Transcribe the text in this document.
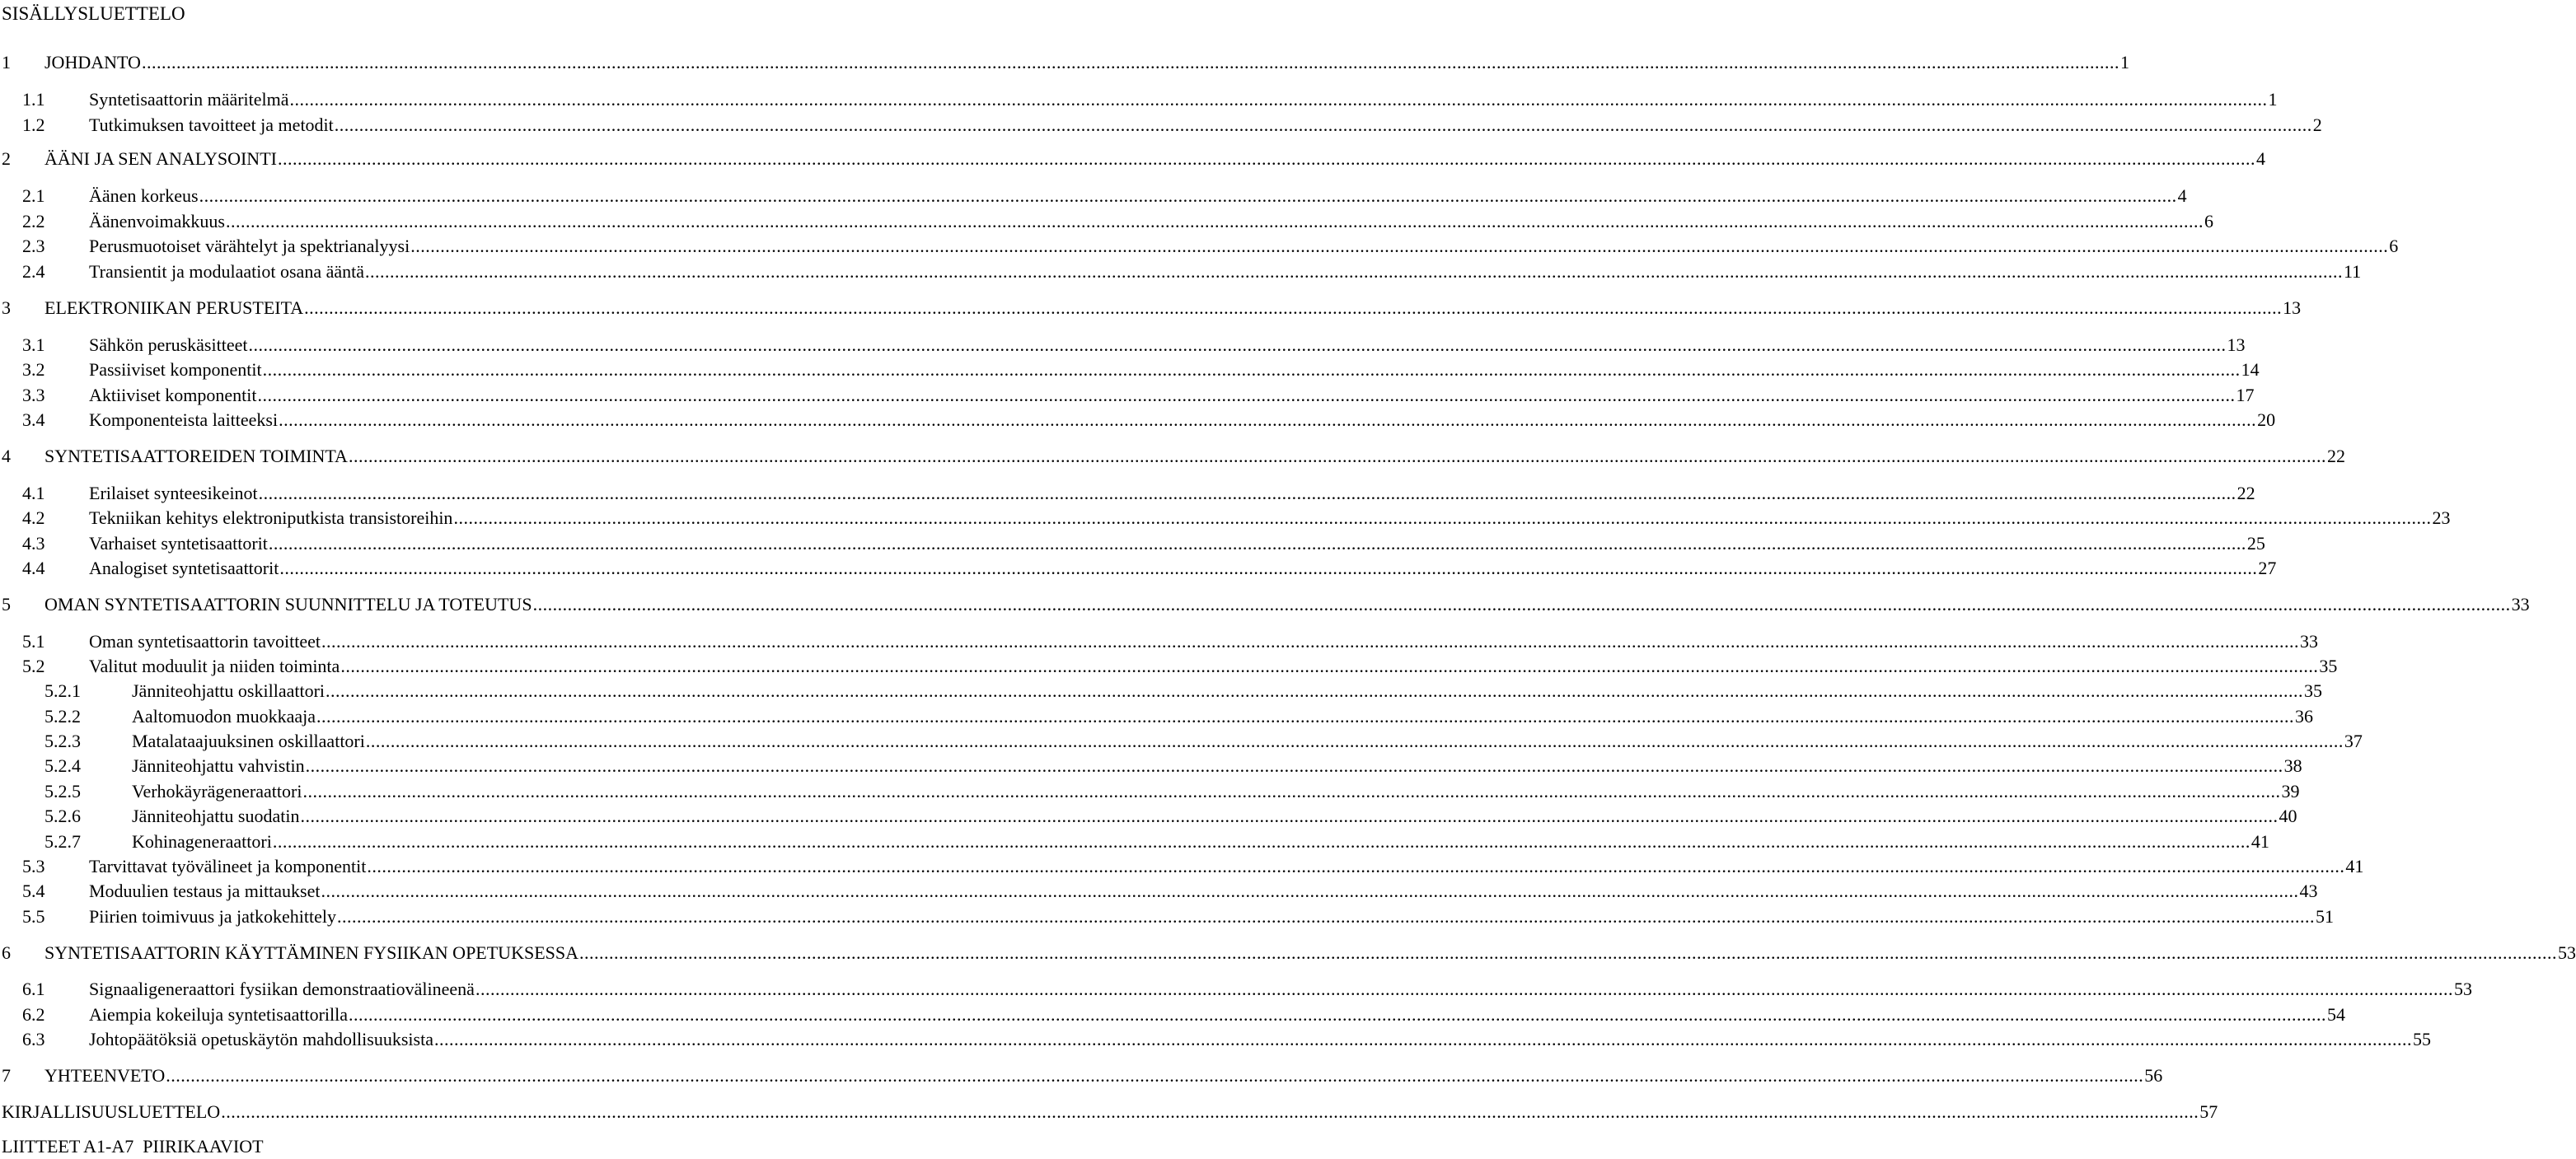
SISÄLLYSLUETTELO
1 JOHDANTO ................................................................................................................................................................................................................................................................................................................................................................................................................ 1
1.1 Syntetisaattorin määritelmä ................................................................................................................................................................................................................................................................................................................................................................................................................ 1
1.2 Tutkimuksen tavoitteet ja metodit ................................................................................................................................................................................................................................................................................................................................................................................................................ 2
2 ÄÄNI JA SEN ANALYSOINTI ................................................................................................................................................................................................................................................................................................................................................................................................................ 4
2.1 Äänen korkeus ................................................................................................................................................................................................................................................................................................................................................................................................................ 4
2.2 Äänenvoimakkuus ................................................................................................................................................................................................................................................................................................................................................................................................................ 6
2.3 Perusmuotoiset värähtelyt ja spektrianalyysi ................................................................................................................................................................................................................................................................................................................................................................................................................ 6
2.4 Transientit ja modulaatiot osana ääntä ................................................................................................................................................................................................................................................................................................................................................................................................................ 11
3 ELEKTRONIIKAN PERUSTEITA ................................................................................................................................................................................................................................................................................................................................................................................................................ 13
3.1 Sähkön peruskäsitteet ................................................................................................................................................................................................................................................................................................................................................................................................................ 13
3.2 Passiiviset komponentit ................................................................................................................................................................................................................................................................................................................................................................................................................ 14
3.3 Aktiiviset komponentit ................................................................................................................................................................................................................................................................................................................................................................................................................ 17
3.4 Komponenteista laitteeksi ................................................................................................................................................................................................................................................................................................................................................................................................................ 20
4 SYNTETISAATTOREIDEN TOIMINTA ................................................................................................................................................................................................................................................................................................................................................................................................................ 22
4.1 Erilaiset synteesikeinot ................................................................................................................................................................................................................................................................................................................................................................................................................ 22
4.2 Tekniikan kehitys elektroniputkista transistoreihin ................................................................................................................................................................................................................................................................................................................................................................................................................ 23
4.3 Varhaiset syntetisaattorit ................................................................................................................................................................................................................................................................................................................................................................................................................ 25
4.4 Analogiset syntetisaattorit ................................................................................................................................................................................................................................................................................................................................................................................................................ 27
5 OMAN SYNTETISAATTORIN SUUNNITTELU JA TOTEUTUS ................................................................................................................................................................................................................................................................................................................................................................................................................ 33
5.1 Oman syntetisaattorin tavoitteet ................................................................................................................................................................................................................................................................................................................................................................................................................ 33
5.2 Valitut moduulit ja niiden toiminta ................................................................................................................................................................................................................................................................................................................................................................................................................ 35
5.2.1	Jänniteohjattu oskillaattori ................................................................................................................................................................................................................................................................................................................................................................................................................ 35
5.2.2	Aaltomuodon muokkaaja ................................................................................................................................................................................................................................................................................................................................................................................................................ 36
5.2.3	Matalataajuuksinen oskillaattori ................................................................................................................................................................................................................................................................................................................................................................................................................ 37
5.2.4	Jänniteohjattu vahvistin ................................................................................................................................................................................................................................................................................................................................................................................................................ 38
5.2.5	Verhokäyrägeneraattori ................................................................................................................................................................................................................................................................................................................................................................................................................ 39
5.2.6	Jänniteohjattu suodatin ................................................................................................................................................................................................................................................................................................................................................................................................................ 40
5.2.7	Kohinageneraattori ................................................................................................................................................................................................................................................................................................................................................................................................................ 41
5.3 Tarvittavat työvälineet ja komponentit ................................................................................................................................................................................................................................................................................................................................................................................................................ 41
5.4 Moduulien testaus ja mittaukset ................................................................................................................................................................................................................................................................................................................................................................................................................ 43
5.5 Piirien toimivuus ja jatkokehittely ................................................................................................................................................................................................................................................................................................................................................................................................................ 51
6 SYNTETISAATTORIN KÄYTTÄMINEN FYSIIKAN OPETUKSESSA ................................................................................................................................................................................................................................................................................................................................................................................................................ 53
6.1 Signaaligeneraattori fysiikan demonstraatiovälineenä ................................................................................................................................................................................................................................................................................................................................................................................................................ 53
6.2 Aiempia kokeiluja syntetisaattorilla ................................................................................................................................................................................................................................................................................................................................................................................................................ 54
6.3 Johtopäätöksiä opetuskäytön mahdollisuuksista ................................................................................................................................................................................................................................................................................................................................................................................................................ 55
7 YHTEENVETO ................................................................................................................................................................................................................................................................................................................................................................................................................ 56
KIRJALLISUUSLUETTELO ................................................................................................................................................................................................................................................................................................................................................................................................................ 57
LIITTEET A1-A7  PIIRIKAAVIOT
